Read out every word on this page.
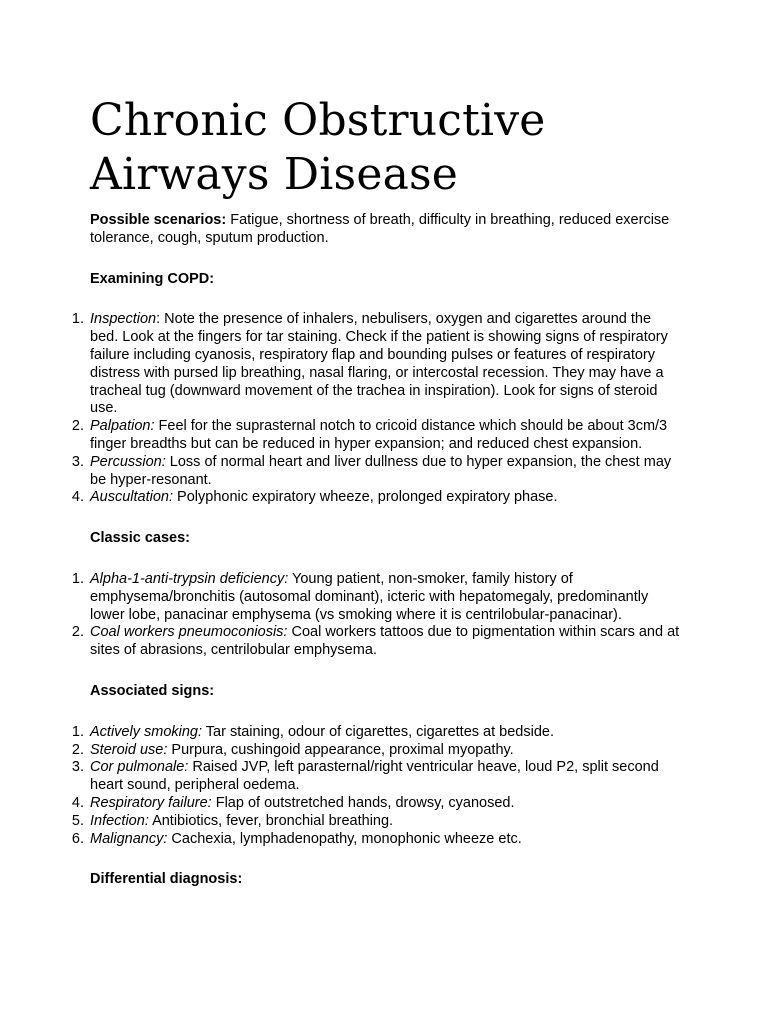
Chronic Obstructive Airways Disease

Possible scenarios: Fatigue, shortness of breath, difficulty in breathing, reduced exercise tolerance, cough, sputum production.

Examining COPD:

1. Inspection: Note the presence of inhalers, nebulisers, oxygen and cigarettes around the bed. Look at the fingers for tar staining. Check if the patient is showing signs of respiratory failure including cyanosis, respiratory flap and bounding pulses or features of respiratory distress with pursed lip breathing, nasal flaring, or intercostal recession. They may have a tracheal tug (downward movement of the trachea in inspiration). Look for signs of steroid use.
2. Palpation: Feel for the suprasternal notch to cricoid distance which should be about 3cm/3 finger breadths but can be reduced in hyper expansion; and reduced chest expansion.
3. Percussion: Loss of normal heart and liver dullness due to hyper expansion, the chest may be hyper-resonant.
4. Auscultation: Polyphonic expiratory wheeze, prolonged expiratory phase.

Classic cases:

1. Alpha-1-anti-trypsin deficiency: Young patient, non-smoker, family history of emphysema/bronchitis (autosomal dominant), icteric with hepatomegaly, predominantly lower lobe, panacinar emphysema (vs smoking where it is centrilobular-panacinar).
2. Coal workers pneumoconiosis: Coal workers tattoos due to pigmentation within scars and at sites of abrasions, centrilobular emphysema.

Associated signs:

1. Actively smoking: Tar staining, odour of cigarettes, cigarettes at bedside.
2. Steroid use: Purpura, cushingoid appearance, proximal myopathy.
3. Cor pulmonale: Raised JVP, left parasternal/right ventricular heave, loud P2, split second heart sound, peripheral oedema.
4. Respiratory failure: Flap of outstretched hands, drowsy, cyanosed.
5. Infection: Antibiotics, fever, bronchial breathing.
6. Malignancy: Cachexia, lymphadenopathy, monophonic wheeze etc.

Differential diagnosis:
